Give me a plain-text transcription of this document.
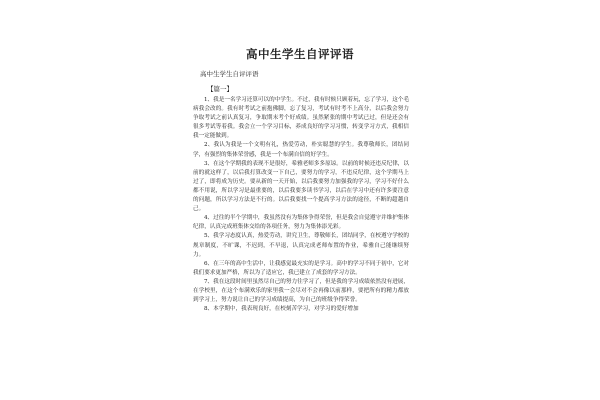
高中生学生自评评语
高中生学生自评评语
【篇一】

1、我是一名学习还算可以的中学生。不过，我有时候只顾着玩，忘了学习，这个毛病我会改的。我有时考试之前抱佛脚，忘了复习，考试有时考不上高分，以后我会努力争取考试之前认真复习，争取期末考个好成绩。虽然紧张的期中考试已过，但是还会有很多考试等着我。我会立一个学习目标，养成良好的学习习惯，转变学习方式，我相信我一定能做到。

2、我认为我是一个文明有礼，热爱劳动，朴实聪慧的学生。我尊敬师长，团结同学，有强烈的集体荣誉感，我是一个布满自信的好学生。

3、在这个学期我的表现不是很好，希雅老师多多原谅。以前的时候还违反纪律，以前的就这样了，以后我打算改变一下自己，要努力的学习，不违反纪律，这个学期马上过了，即将成为历史。要从新的一天开始，以后我要努力加强我的学习，学习不好什么都不用说，所以学习是最重要的，以后我要多读书学习，以后在学习中还有许多要注意的问题，所以学习方法是不行的。以后我要找一个提高学习方法的途径，不断的超越自己。

4、过往的半个学期中，我虽然没有为集体争得荣誉，但是我会自觉遵守并维护集体纪律，认真完成班集体交给的各项任务，努力为集体添光彩。

5、我学习态度认真，热爱劳动，讲究卫生，尊敬师长，团结同学，在校遵守学校的规章制度，不旷课，不迟到，不早退，认真完成老师布置的作业，希雅自己能继续努力。

6、在三年的高中生活中，让我感觉最充实的是学习。高中的学习不同于初中，它对我们要求更加严格，所以为了适应它，我已建立了成套的学习方法。

7、我在这段时间里虽然尽自己的努力往学习了，但是我的学习成绩依然没有进展，在学校里，在这个布满欢乐的家里我一会尽对不会再像以前那样，要把所有的精力都放到学习上，努力说让自己的学习成绩提高，为自己的班级争得荣誉。

8、本学期中，我表现良好，在校刻苦学习，对学习的爱好增加
